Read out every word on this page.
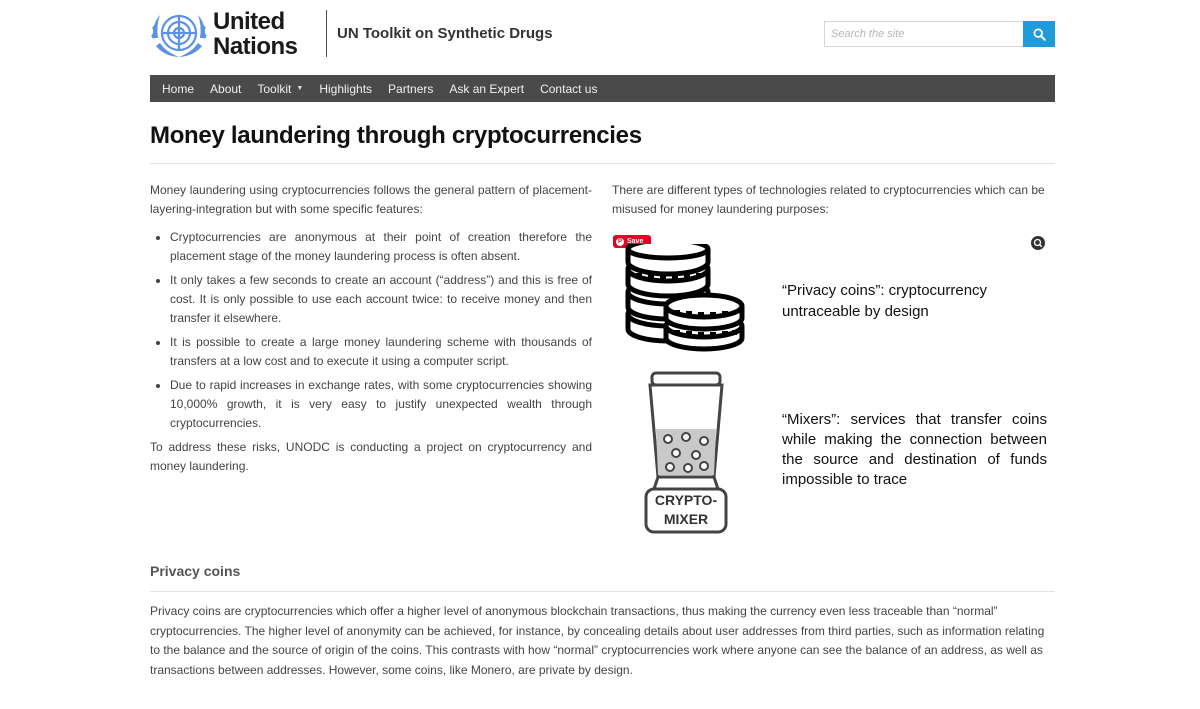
United
Nations	UN Toolkit on Synthetic Drugs
Search the site
Home About Toolkit ▼ Highlights Partners Ask an Expert Contact us
Money laundering through cryptocurrencies

Money laundering using cryptocurrencies follows the general pattern of placement-layering-integration but with some specific features:

• Cryptocurrencies are anonymous at their point of creation therefore the placement stage of the money laundering process is often absent.
• It only takes a few seconds to create an account (“address”) and this is free of cost. It is only possible to use each account twice: to receive money and then transfer it elsewhere.
• It is possible to create a large money laundering scheme with thousands of transfers at a low cost and to execute it using a computer script.
• Due to rapid increases in exchange rates, with some cryptocurrencies showing 10,000% growth, it is very easy to justify unexpected wealth through cryptocurrencies.

To address these risks, UNODC is conducting a project on cryptocurrency and money laundering.

There are different types of technologies related to cryptocurrencies which can be misused for money laundering purposes:
P Save
CRYPTO-
MIXER
“Privacy coins”: cryptocurrency untraceable by design
“Mixers”: services that transfer coins while making the connection between the source and destination of funds impossible to trace
Privacy coins

Privacy coins are cryptocurrencies which offer a higher level of anonymous blockchain transactions, thus making the currency even less traceable than “normal” cryptocurrencies. The higher level of anonymity can be achieved, for instance, by concealing details about user addresses from third parties, such as information relating to the balance and the source of origin of the coins. This contrasts with how “normal” cryptocurrencies work where anyone can see the balance of an address, as well as transactions between addresses. However, some coins, like Monero, are private by design.
